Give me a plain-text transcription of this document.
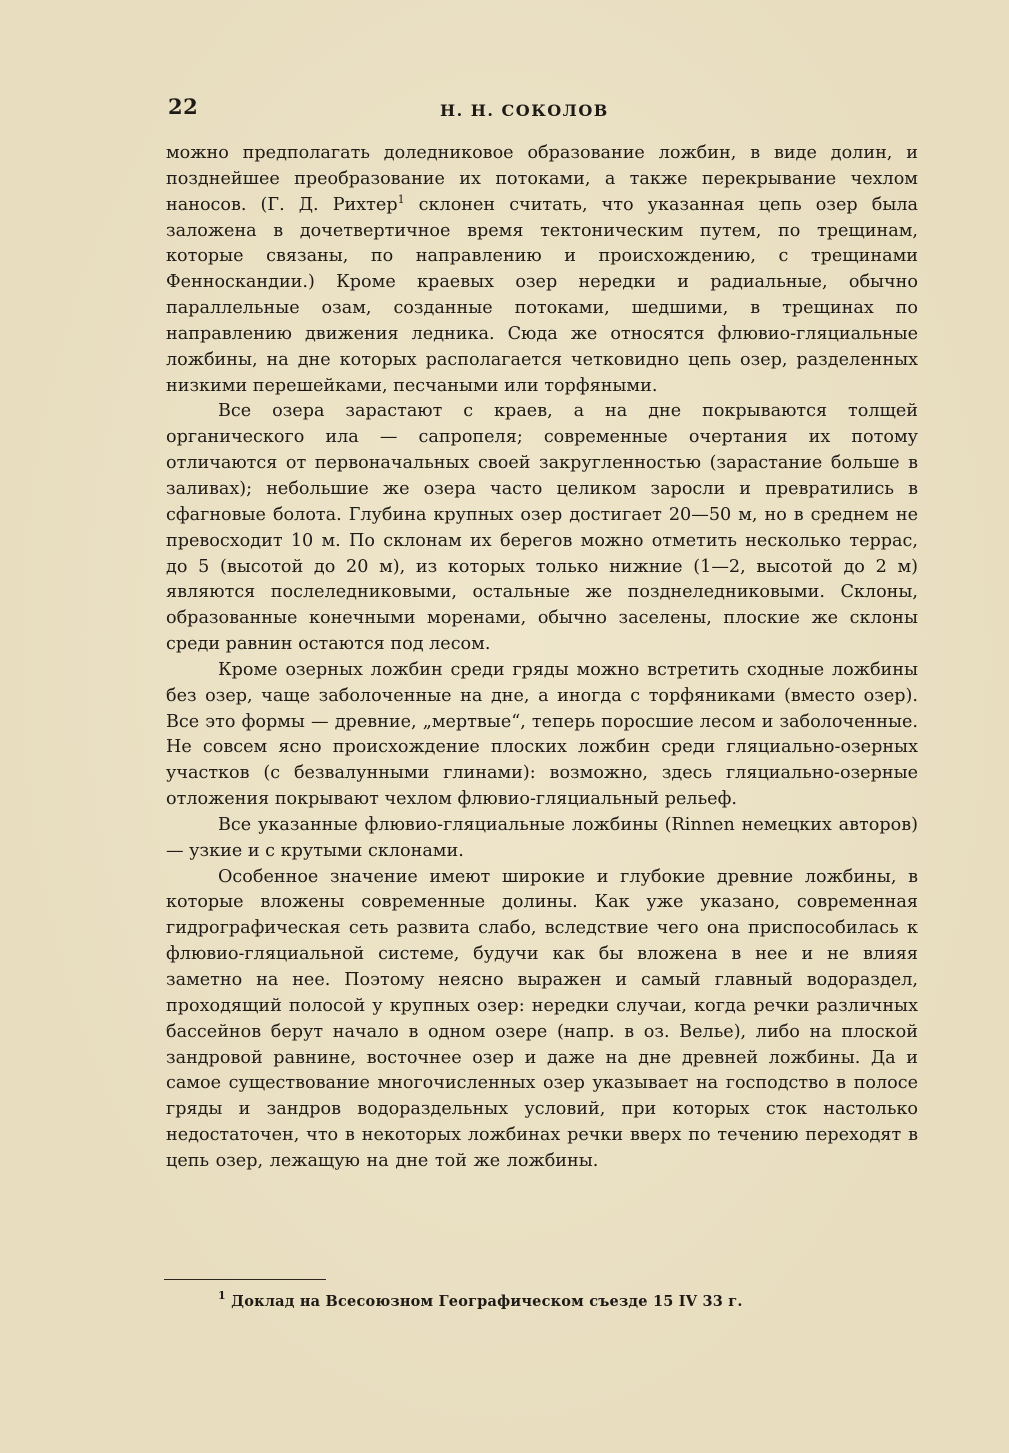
22	Н. Н. СОКОЛОВ

можно предполагать доледниковое образование ложбин, в виде долин, и позднейшее преобразование их потоками, а также перекрывание чехлом наносов. (Г. Д. Рихтер$^1$ склонен считать, что указанная цепь озер была заложена в дочетвертичное время тектоническим путем, по трещинам, которые связаны, по направлению и происхождению, с трещинами Фенноскандии.) Кроме краевых озер нередки и радиальные, обычно параллельные озам, созданные потоками, шедшими, в трещинах по направлению движения ледника. Сюда же относятся флювио-гляциальные ложбины, на дне которых располагается четковидно цепь озер, разделенных низкими перешейками, песчаными или торфяными.

Все озера зарастают с краев, а на дне покрываются толщей органического ила — сапропеля; современные очертания их потому отличаются от первоначальных своей закругленностью (зарастание больше в заливах); небольшие же озера часто целиком заросли и превратились в сфагновые болота. Глубина крупных озер достигает 20—50 м, но в среднем не превосходит 10 м. По склонам их берегов можно отметить несколько террас, до 5 (высотой до 20 м), из которых только нижние (1—2, высотой до 2 м) являются послеледниковыми, остальные же позднеледниковыми. Склоны, образованные конечными моренами, обычно заселены, плоские же склоны среди равнин остаются под лесом.

Кроме озерных ложбин среди гряды можно встретить сходные ложбины без озер, чаще заболоченные на дне, а иногда с торфяниками (вместо озер). Все это формы — древние, „мертвые“, теперь поросшие лесом и заболоченные. Не совсем ясно происхождение плоских ложбин среди гляциально-озерных участков (с безвалунными глинами): возможно, здесь гляциально-озерные отложения покрывают чехлом флювио-гляциальный рельеф.

Все указанные флювио-гляциальные ложбины (Rinnen немецких авторов) — узкие и с крутыми склонами.

Особенное значение имеют широкие и глубокие древние ложбины, в которые вложены современные долины. Как уже указано, современная гидрографическая сеть развита слабо, вследствие чего она приспособилась к флювио-гляциальной системе, будучи как бы вложена в нее и не влияя заметно на нее. Поэтому неясно выражен и самый главный водораздел, проходящий полосой у крупных озер: нередки случаи, когда речки различных бассейнов берут начало в одном озере (напр. в оз. Велье), либо на плоской зандровой равнине, восточнее озер и даже на дне древней ложбины. Да и самое существование многочисленных озер указывает на господство в полосе гряды и зандров водораздельных условий, при которых сток настолько недостаточен, что в некоторых ложбинах речки вверх по течению переходят в цепь озер, лежащую на дне той же ложбины.

$^1$ Доклад на Всесоюзном Географическом съезде 15 IV 33 г.
